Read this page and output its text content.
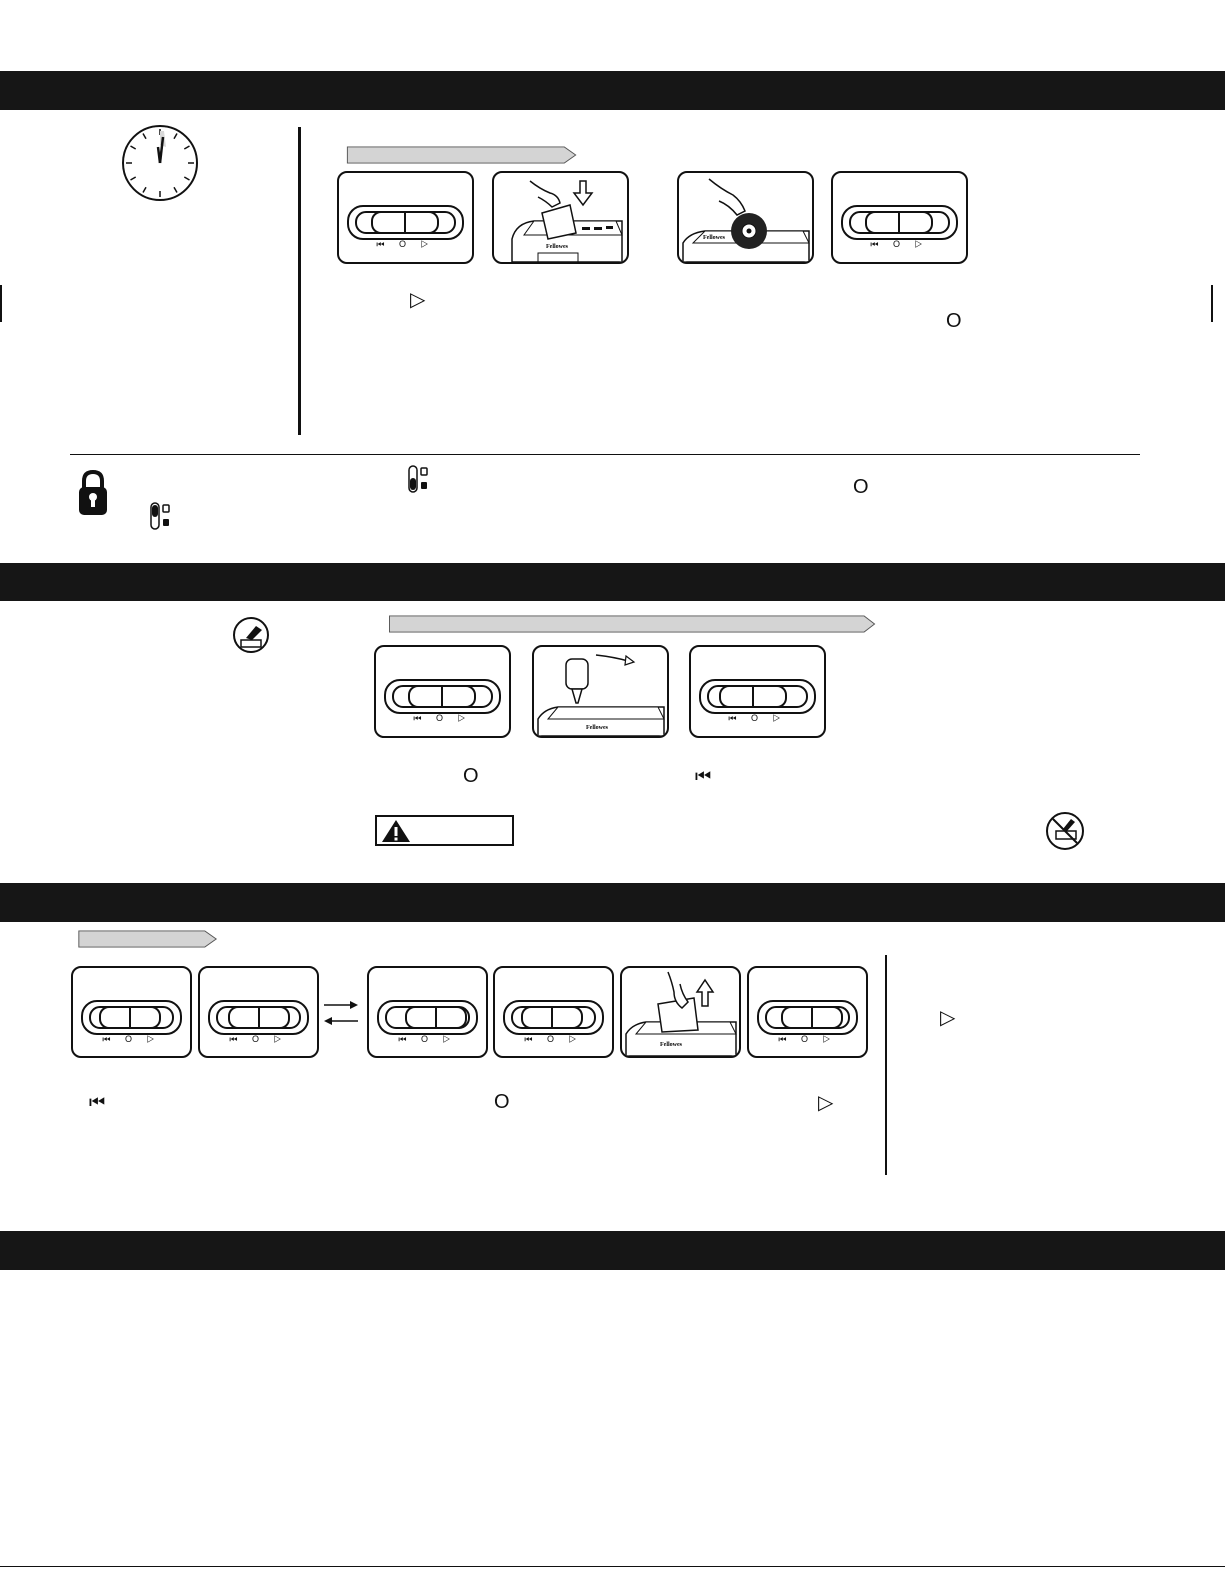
⏮ O ▷	Fellowes
Fellowes
⏮ O ▷
▷
O
O
⏮ O ▷
Fellowes
⏮ O ▷
O	⏮
⏮ O ▷	⏮ O ▷	⏮ O ▷	⏮ O ▷
Fellowes
⏮ O ▷
▷
⏮	O	▷
